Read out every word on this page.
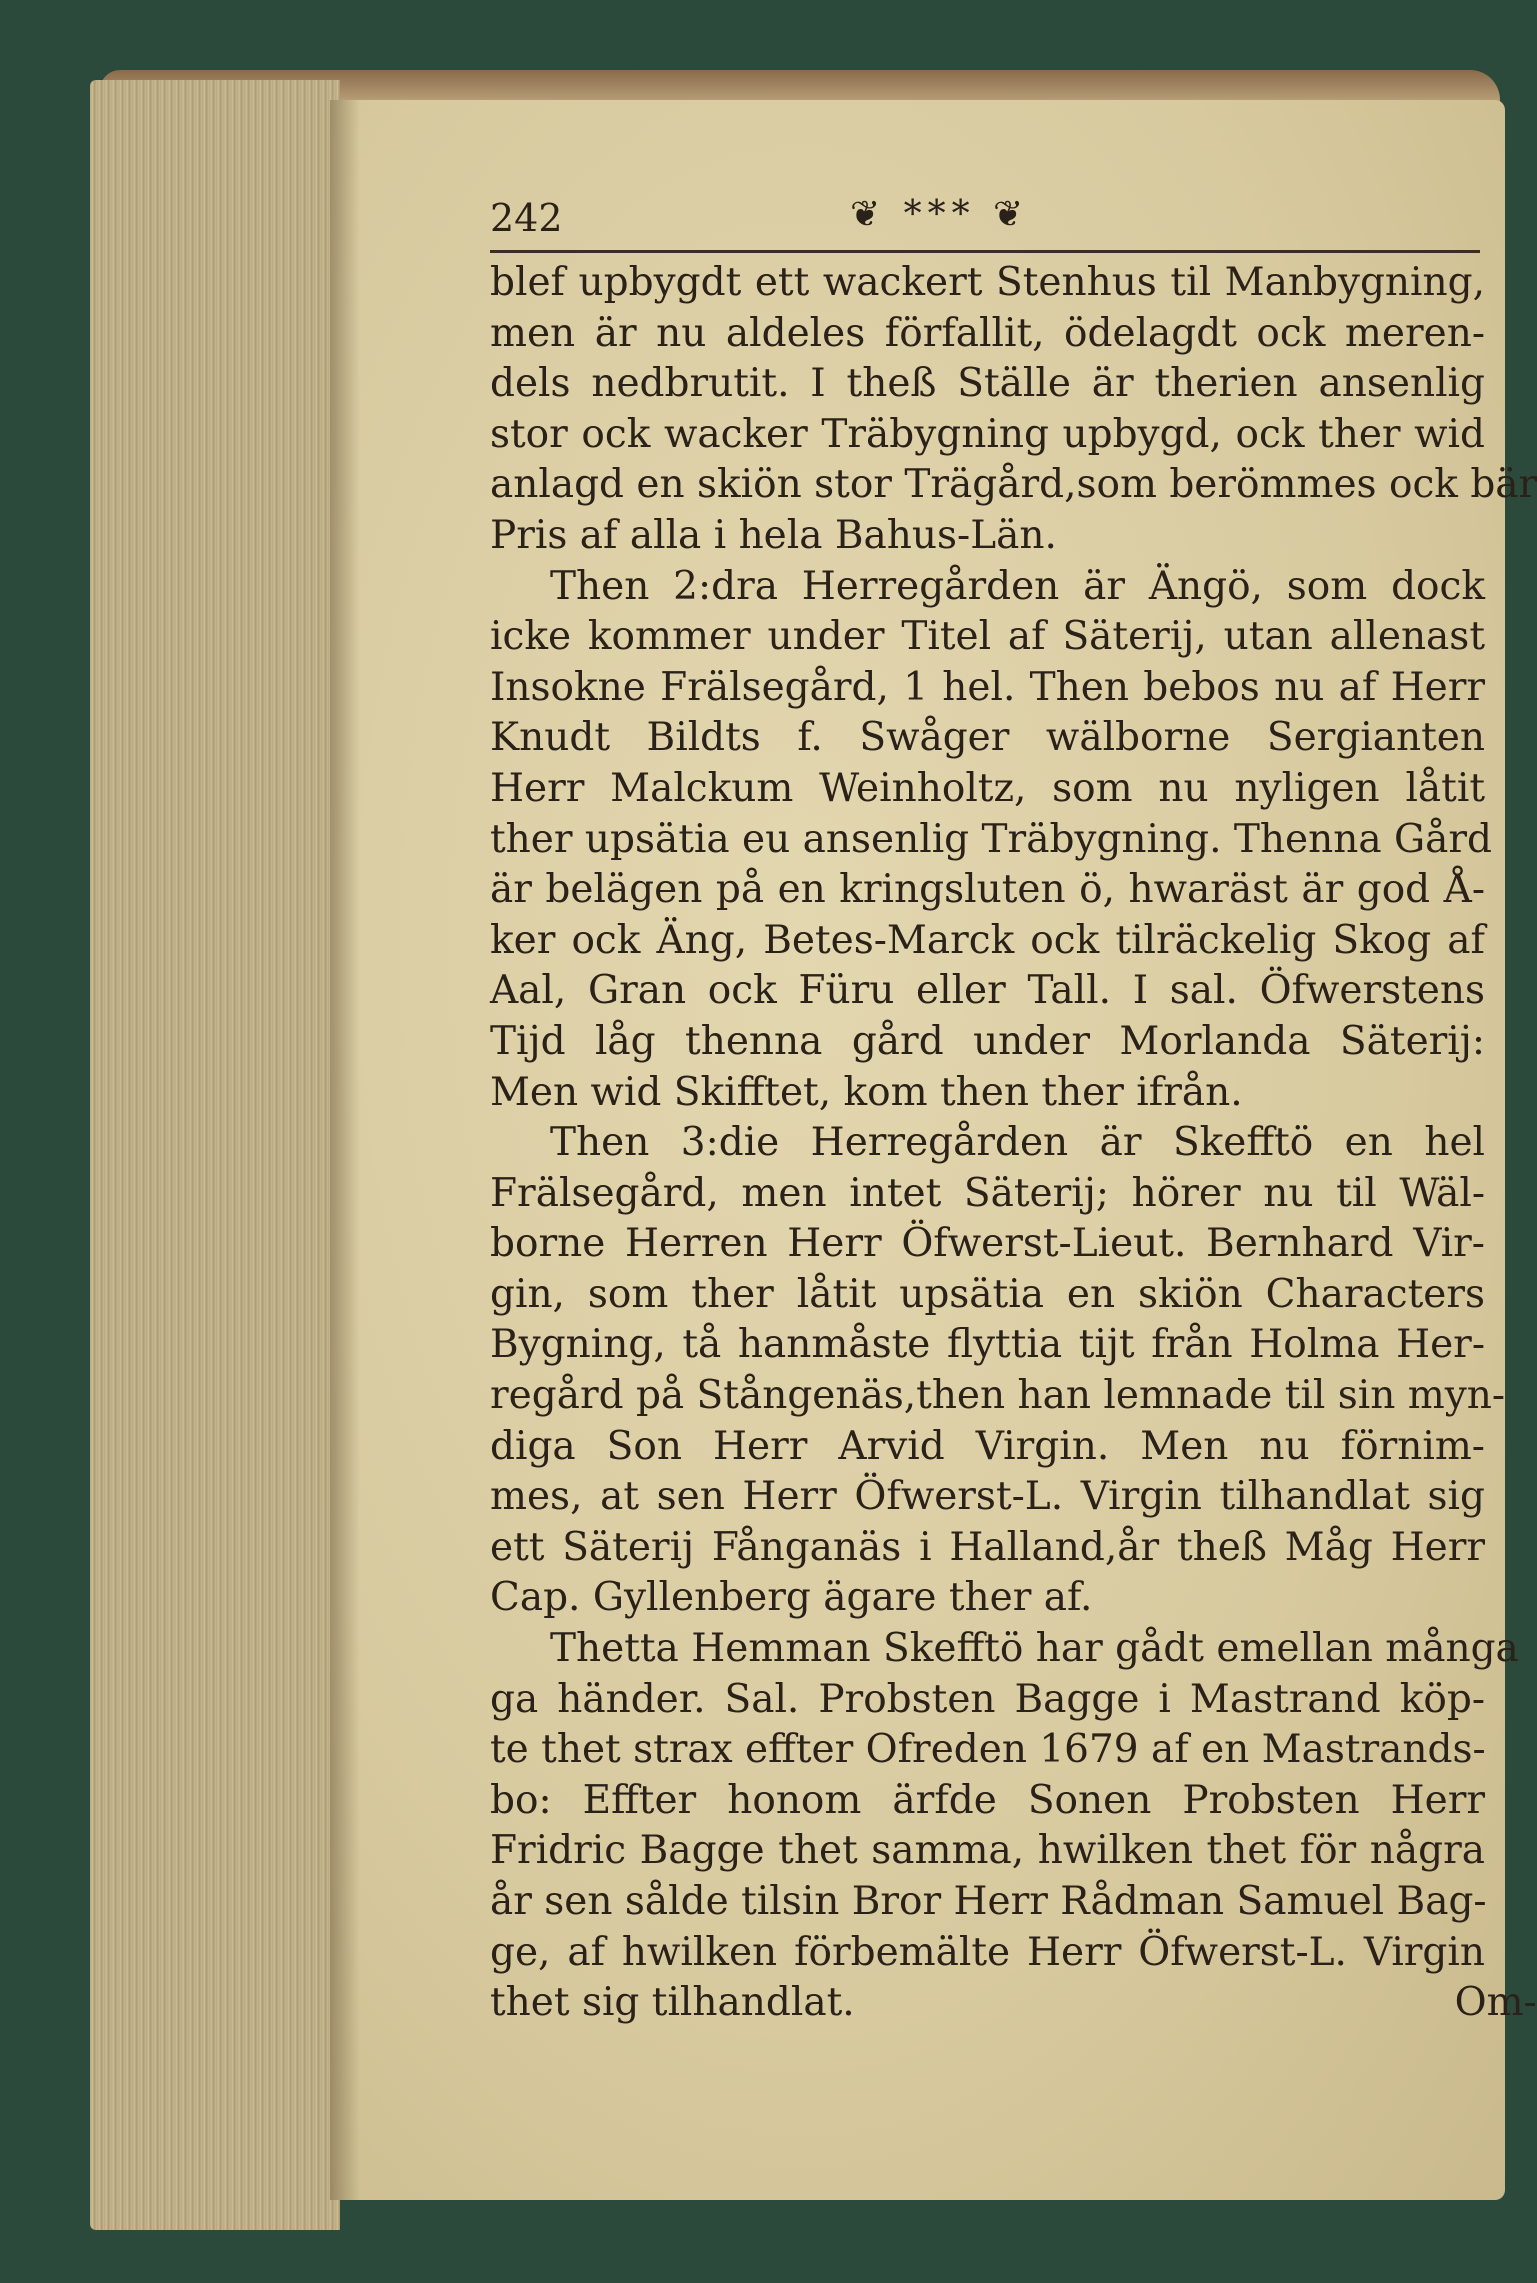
242	❦ *** ❦
blef upbygdt ett wackert Stenhus til Manbygning,
men är nu aldeles förfallit, ödelagdt ock meren-
dels nedbrutit. I theß Ställe är therien ansenlig
stor ock wacker Träbygning upbygd, ock ther wid
anlagd en skiön stor Trägård,som berömmes ock bär
Pris af alla i hela Bahus-Län.
Then 2:dra Herregården är Ängö, som dock
icke kommer under Titel af Säterij, utan allenast
Insokne Frälsegård, 1 hel. Then bebos nu af Herr
Knudt Bildts f. Swåger wälborne Sergianten
Herr Malckum Weinholtz, som nu nyligen låtit
ther upsätia eu ansenlig Träbygning. Thenna Gård
är belägen på en kringsluten ö, hwaräst är god Å-
ker ock Äng, Betes-Marck ock tilräckelig Skog af
Aal, Gran ock Füru eller Tall. I sal. Öfwerstens
Tijd låg thenna gård under Morlanda Säterij:
Men wid Skifftet, kom then ther ifrån.
Then 3:die Herregården är Skefftö en hel
Frälsegård, men intet Säterij; hörer nu til Wäl-
borne Herren Herr Öfwerst-Lieut. Bernhard Vir-
gin, som ther låtit upsätia en skiön Characters
Bygning, tå hanmåste flyttia tijt från Holma Her-
regård på Stångenäs,then han lemnade til sin myn-
diga Son Herr Arvid Virgin. Men nu förnim-
mes, at sen Herr Öfwerst-L. Virgin tilhandlat sig
ett Säterij Fånganäs i Halland,år theß Måg Herr
Cap. Gyllenberg ägare ther af.
Thetta Hemman Skefftö har gådt emellan många
ga händer. Sal. Probsten Bagge i Mastrand köp-
te thet strax effter Ofreden 1679 af en Mastrands-
bo: Effter honom ärfde Sonen Probsten Herr
Fridric Bagge thet samma, hwilken thet för några
år sen sålde tilsin Bror Herr Rådman Samuel Bag-
ge, af hwilken förbemälte Herr Öfwerst-L. Virgin
thet sig tilhandlat.	Om-
